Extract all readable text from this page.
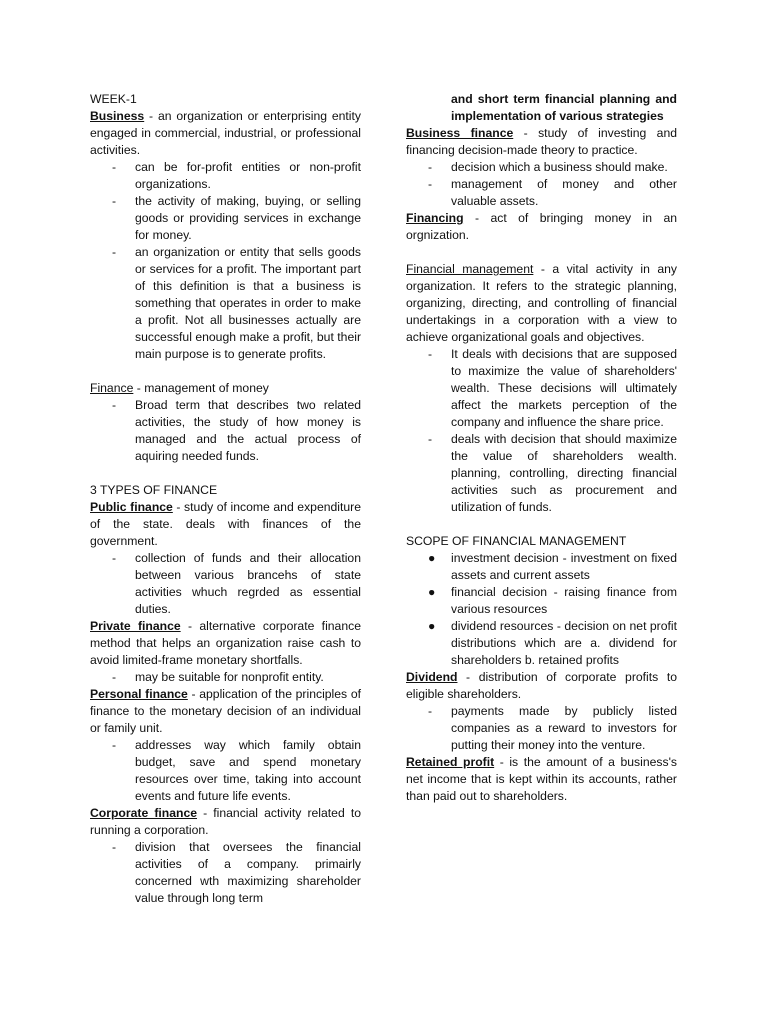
WEEK-1

Business - an organization or enterprising entity engaged in commercial, industrial, or professional activities.

-	can be for-profit entities or non-profit organizations.
-	the activity of making, buying, or selling goods or providing services in exchange for money.
-	an organization or entity that sells goods or services for a profit. The important part of this definition is that a business is something that operates in order to make a profit. Not all businesses actually are successful enough make a profit, but their main purpose is to generate profits.

Finance - management of money

-	Broad term that describes two related activities, the study of how money is managed and the actual process of aquiring needed funds.

3 TYPES OF FINANCE

Public finance - study of income and expenditure of the state. deals with finances of the government.

-	collection of funds and their allocation between various brancehs of state activities whuch regrded as essential duties.

Private finance - alternative corporate finance method that helps an organization raise cash to avoid limited-frame monetary shortfalls.

-	may be suitable for nonprofit entity.

Personal finance - application of the principles of finance to the monetary decision of an individual or family unit.

-	addresses way which family obtain budget, save and spend monetary resources over time, taking into account events and future life events.

Corporate finance - financial activity related to running a corporation.

-	division that oversees the financial activities of a company. primairly concerned wth maximizing shareholder value through long term

and short term financial planning and implementation of various strategies

Business finance - study of investing and financing decision-made theory to practice.

-	decision which a business should make.
-	management of money and other valuable assets.

Financing - act of bringing money in an orgnization.

Financial management - a vital activity in any organization. It refers to the strategic planning, organizing, directing, and controlling of financial undertakings in a corporation with a view to achieve organizational goals and objectives.

-	It deals with decisions that are supposed to maximize the value of shareholders' wealth. These decisions will ultimately affect the markets perception of the company and influence the share price.
-	deals with decision that should maximize the value of shareholders wealth. planning, controlling, directing financial activities such as procurement and utilization of funds.

SCOPE OF FINANCIAL MANAGEMENT

●	investment decision - investment on fixed assets and current assets
●	financial decision - raising finance from various resources
●	dividend resources - decision on net profit distributions which are a. dividend for shareholders b. retained profits

Dividend - distribution of corporate profits to eligible shareholders.

-	payments made by publicly listed companies as a reward to investors for putting their money into the venture.

Retained profit - is the amount of a business's net income that is kept within its accounts, rather than paid out to shareholders.
